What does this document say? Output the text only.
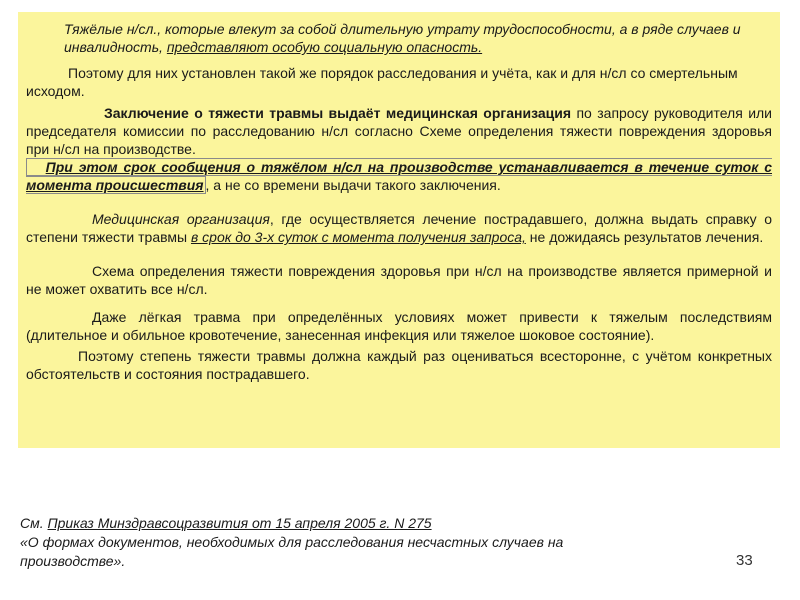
Тяжёлые н/сл., которые влекут за собой длительную утрату трудоспособности, а в ряде случаев и инвалидность, представляют особую социальную опасность.

Поэтому для них установлен такой же порядок расследования и учёта, как и для н/сл со смертельным исходом.

Заключение о тяжести травмы выдаёт медицинская организация по запросу руководителя или председателя комиссии по расследованию н/сл согласно Схеме определения тяжести повреждения здоровья при н/сл на производстве.

При этом срок сообщения о тяжёлом н/сл на производстве устанавливается в течение суток с момента происшествия , а не со времени выдачи такого заключения.

Медицинская организация, где осуществляется лечение пострадавшего, должна выдать справку о степени тяжести травмы в срок до 3-х суток с момента получения запроса, не дожидаясь результатов лечения.

Схема определения тяжести повреждения здоровья при н/сл на производстве является примерной и не может охватить все н/сл.

Даже лёгкая травма при определённых условиях может привести к тяжелым последствиям (длительное и обильное кровотечение, занесенная инфекция или тяжелое шоковое состояние).

Поэтому степень тяжести травмы должна каждый раз оцениваться всесторонне, с учётом конкретных обстоятельств и состояния пострадавшего.

См. Приказ Минздравсоцразвития от 15 апреля 2005 г. N 275
«О формах документов, необходимых для расследования несчастных случаев на производстве».	33
